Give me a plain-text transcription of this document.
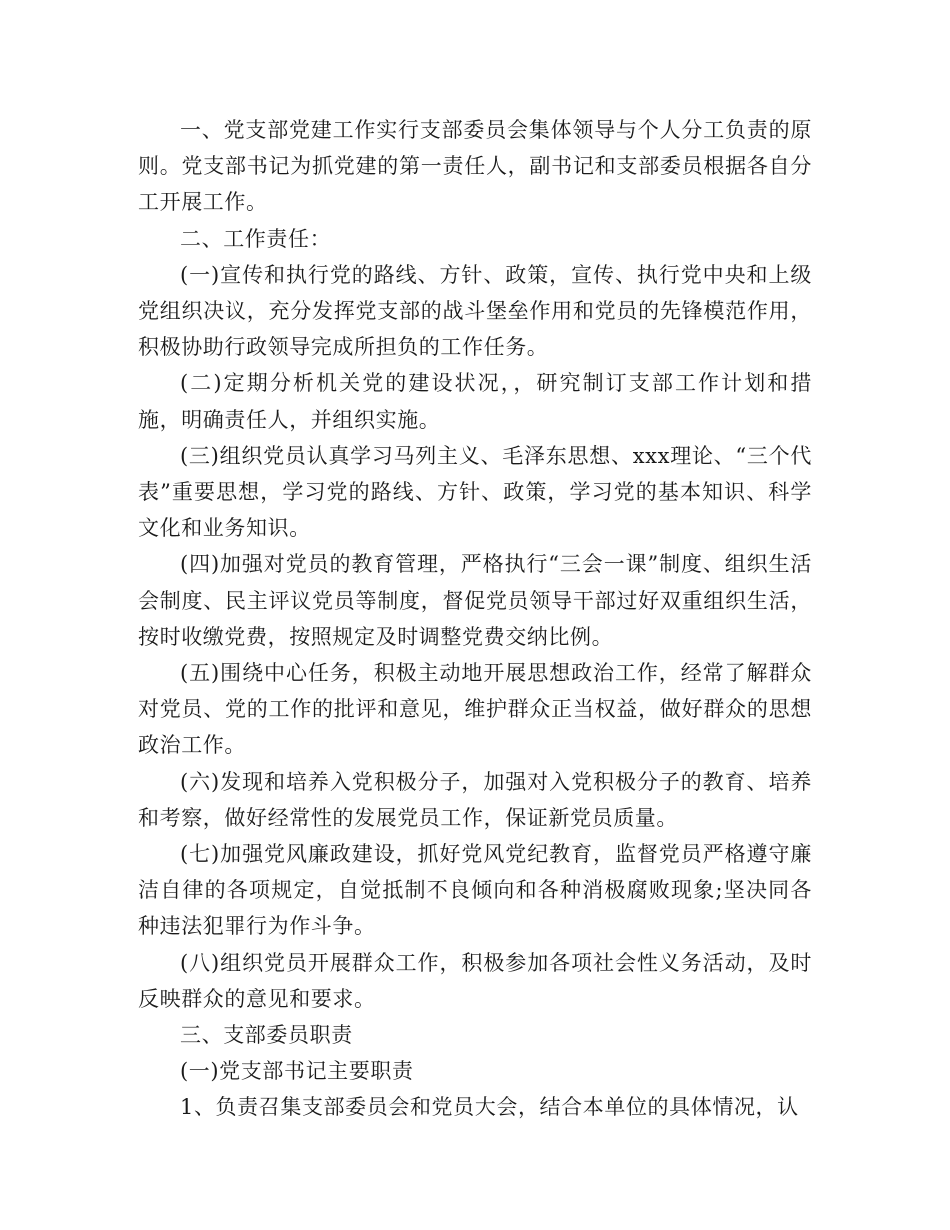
一、党支部党建工作实行支部委员会集体领导与个人分工负责的原则。党支部书记为抓党建的第一责任人，副书记和支部委员根据各自分工开展工作。

二、工作责任：

(一)宣传和执行党的路线、方针、政策，宣传、执行党中央和上级党组织决议，充分发挥党支部的战斗堡垒作用和党员的先锋模范作用，积极协助行政领导完成所担负的工作任务。

(二)定期分析机关党的建设状况，，研究制订支部工作计划和措施，明确责任人，并组织实施。

(三)组织党员认真学习马列主义、毛泽东思想、xxx理论、“三个代表”重要思想，学习党的路线、方针、政策，学习党的基本知识、科学文化和业务知识。

(四)加强对党员的教育管理，严格执行“三会一课”制度、组织生活会制度、民主评议党员等制度，督促党员领导干部过好双重组织生活，按时收缴党费，按照规定及时调整党费交纳比例。

(五)围绕中心任务，积极主动地开展思想政治工作，经常了解群众对党员、党的工作的批评和意见，维护群众正当权益，做好群众的思想政治工作。

(六)发现和培养入党积极分子，加强对入党积极分子的教育、培养和考察，做好经常性的发展党员工作，保证新党员质量。

(七)加强党风廉政建设，抓好党风党纪教育，监督党员严格遵守廉洁自律的各项规定，自觉抵制不良倾向和各种消极腐败现象;坚决同各种违法犯罪行为作斗争。

(八)组织党员开展群众工作，积极参加各项社会性义务活动，及时反映群众的意见和要求。

三、支部委员职责

(一)党支部书记主要职责

1、负责召集支部委员会和党员大会，结合本单位的具体情况，认
